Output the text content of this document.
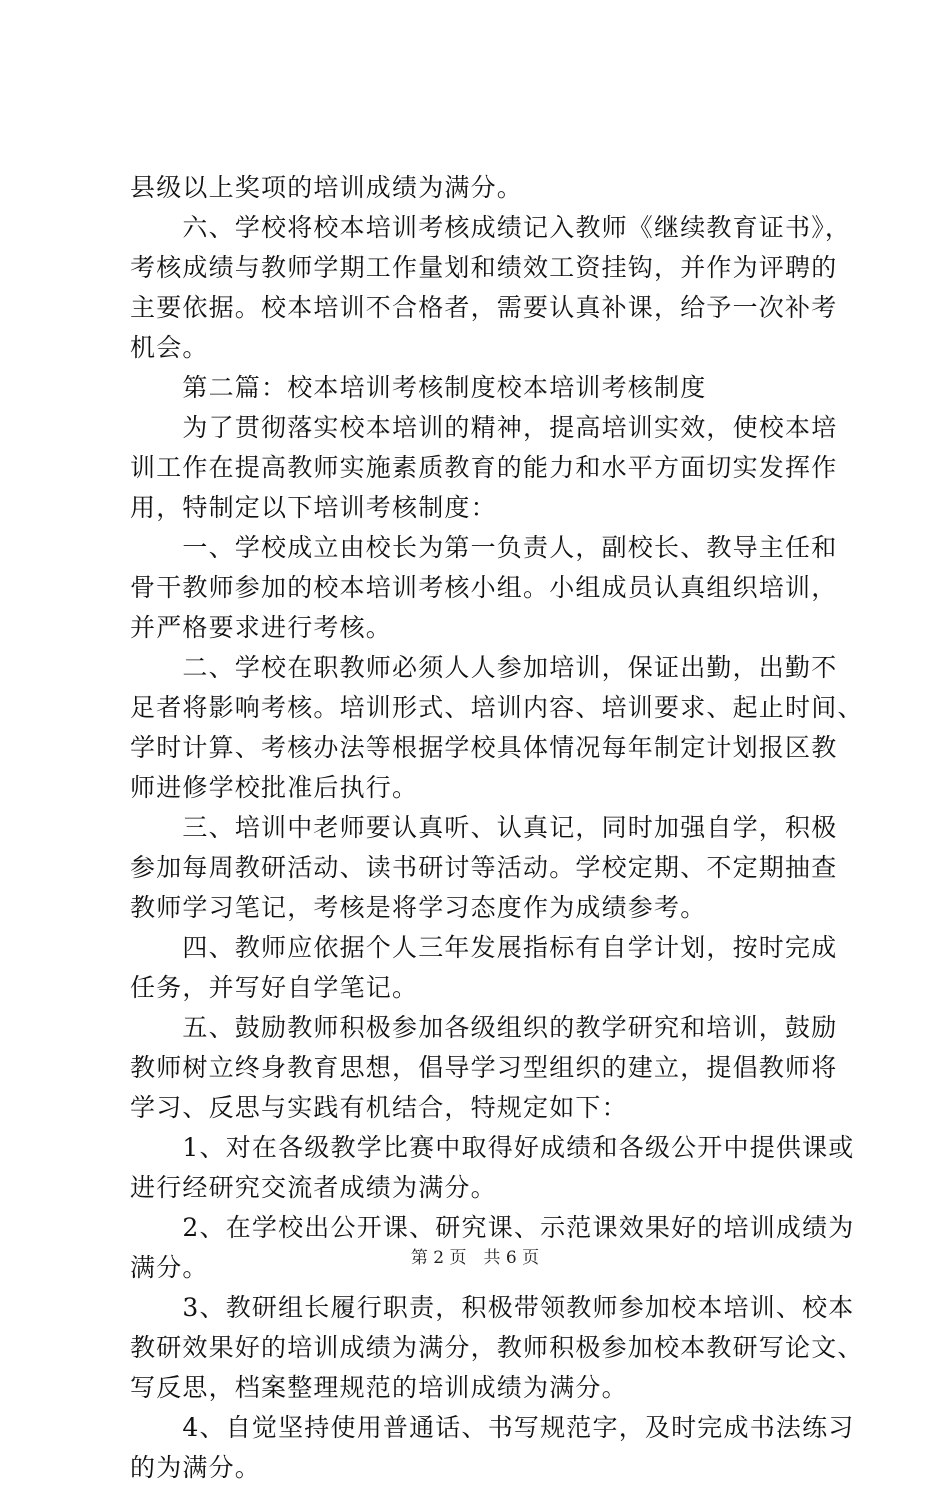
县级以上奖项的培训成绩为满分。
　　六、学校将校本培训考核成绩记入教师《继续教育证书》，
考核成绩与教师学期工作量划和绩效工资挂钩，并作为评聘的
主要依据。校本培训不合格者，需要认真补课，给予一次补考
机会。
　　第二篇：校本培训考核制度校本培训考核制度
　　为了贯彻落实校本培训的精神，提高培训实效，使校本培
训工作在提高教师实施素质教育的能力和水平方面切实发挥作
用，特制定以下培训考核制度：
　　一、学校成立由校长为第一负责人，副校长、教导主任和
骨干教师参加的校本培训考核小组。小组成员认真组织培训，
并严格要求进行考核。
　　二、学校在职教师必须人人参加培训，保证出勤，出勤不
足者将影响考核。培训形式、培训内容、培训要求、起止时间、
学时计算、考核办法等根据学校具体情况每年制定计划报区教
师进修学校批准后执行。
　　三、培训中老师要认真听、认真记，同时加强自学，积极
参加每周教研活动、读书研讨等活动。学校定期、不定期抽查
教师学习笔记，考核是将学习态度作为成绩参考。
　　四、教师应依据个人三年发展指标有自学计划，按时完成
任务，并写好自学笔记。
　　五、鼓励教师积极参加各级组织的教学研究和培训，鼓励
教师树立终身教育思想，倡导学习型组织的建立，提倡教师将
学习、反思与实践有机结合，特规定如下：
　　1、对在各级教学比赛中取得好成绩和各级公开中提供课或
进行经研究交流者成绩为满分。
　　2、在学校出公开课、研究课、示范课效果好的培训成绩为
满分。
　　3、教研组长履行职责，积极带领教师参加校本培训、校本
教研效果好的培训成绩为满分，教师积极参加校本教研写论文、
写反思，档案整理规范的培训成绩为满分。
　　4、自觉坚持使用普通话、书写规范字，及时完成书法练习
的为满分。
第 2 页　共 6 页
